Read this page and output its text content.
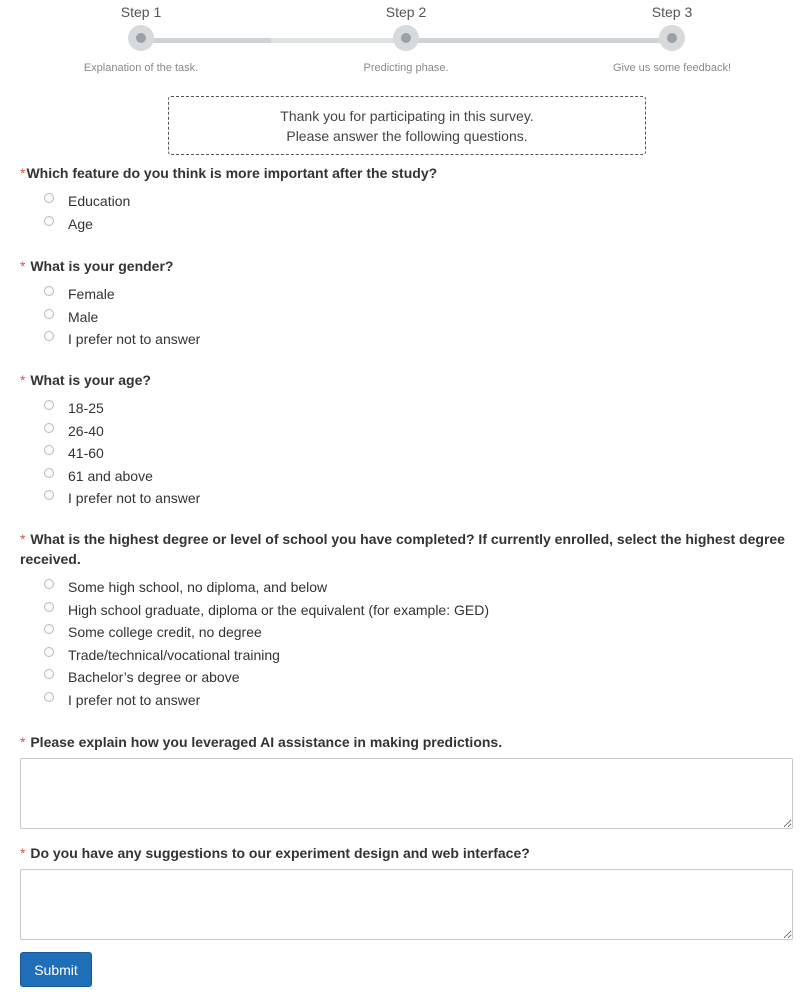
Step 1
Explanation of the task.
Step 2
Predicting phase.
Step 3
Give us some feedback!
Thank you for participating in this survey.
Please answer the following questions.
*Which feature do you think is more important after the study?
Education
Age
* What is your gender?
Female
Male
I prefer not to answer
* What is your age?
18-25
26-40
41-60
61 and above
I prefer not to answer
* What is the highest degree or level of school you have completed? If currently enrolled, select the highest degree received.
Some high school, no diploma, and below
High school graduate, diploma or the equivalent (for example: GED)
Some college credit, no degree
Trade/technical/vocational training
Bachelor’s degree or above
I prefer not to answer
* Please explain how you leveraged AI assistance in making predictions.
* Do you have any suggestions to our experiment design and web interface?
Submit
